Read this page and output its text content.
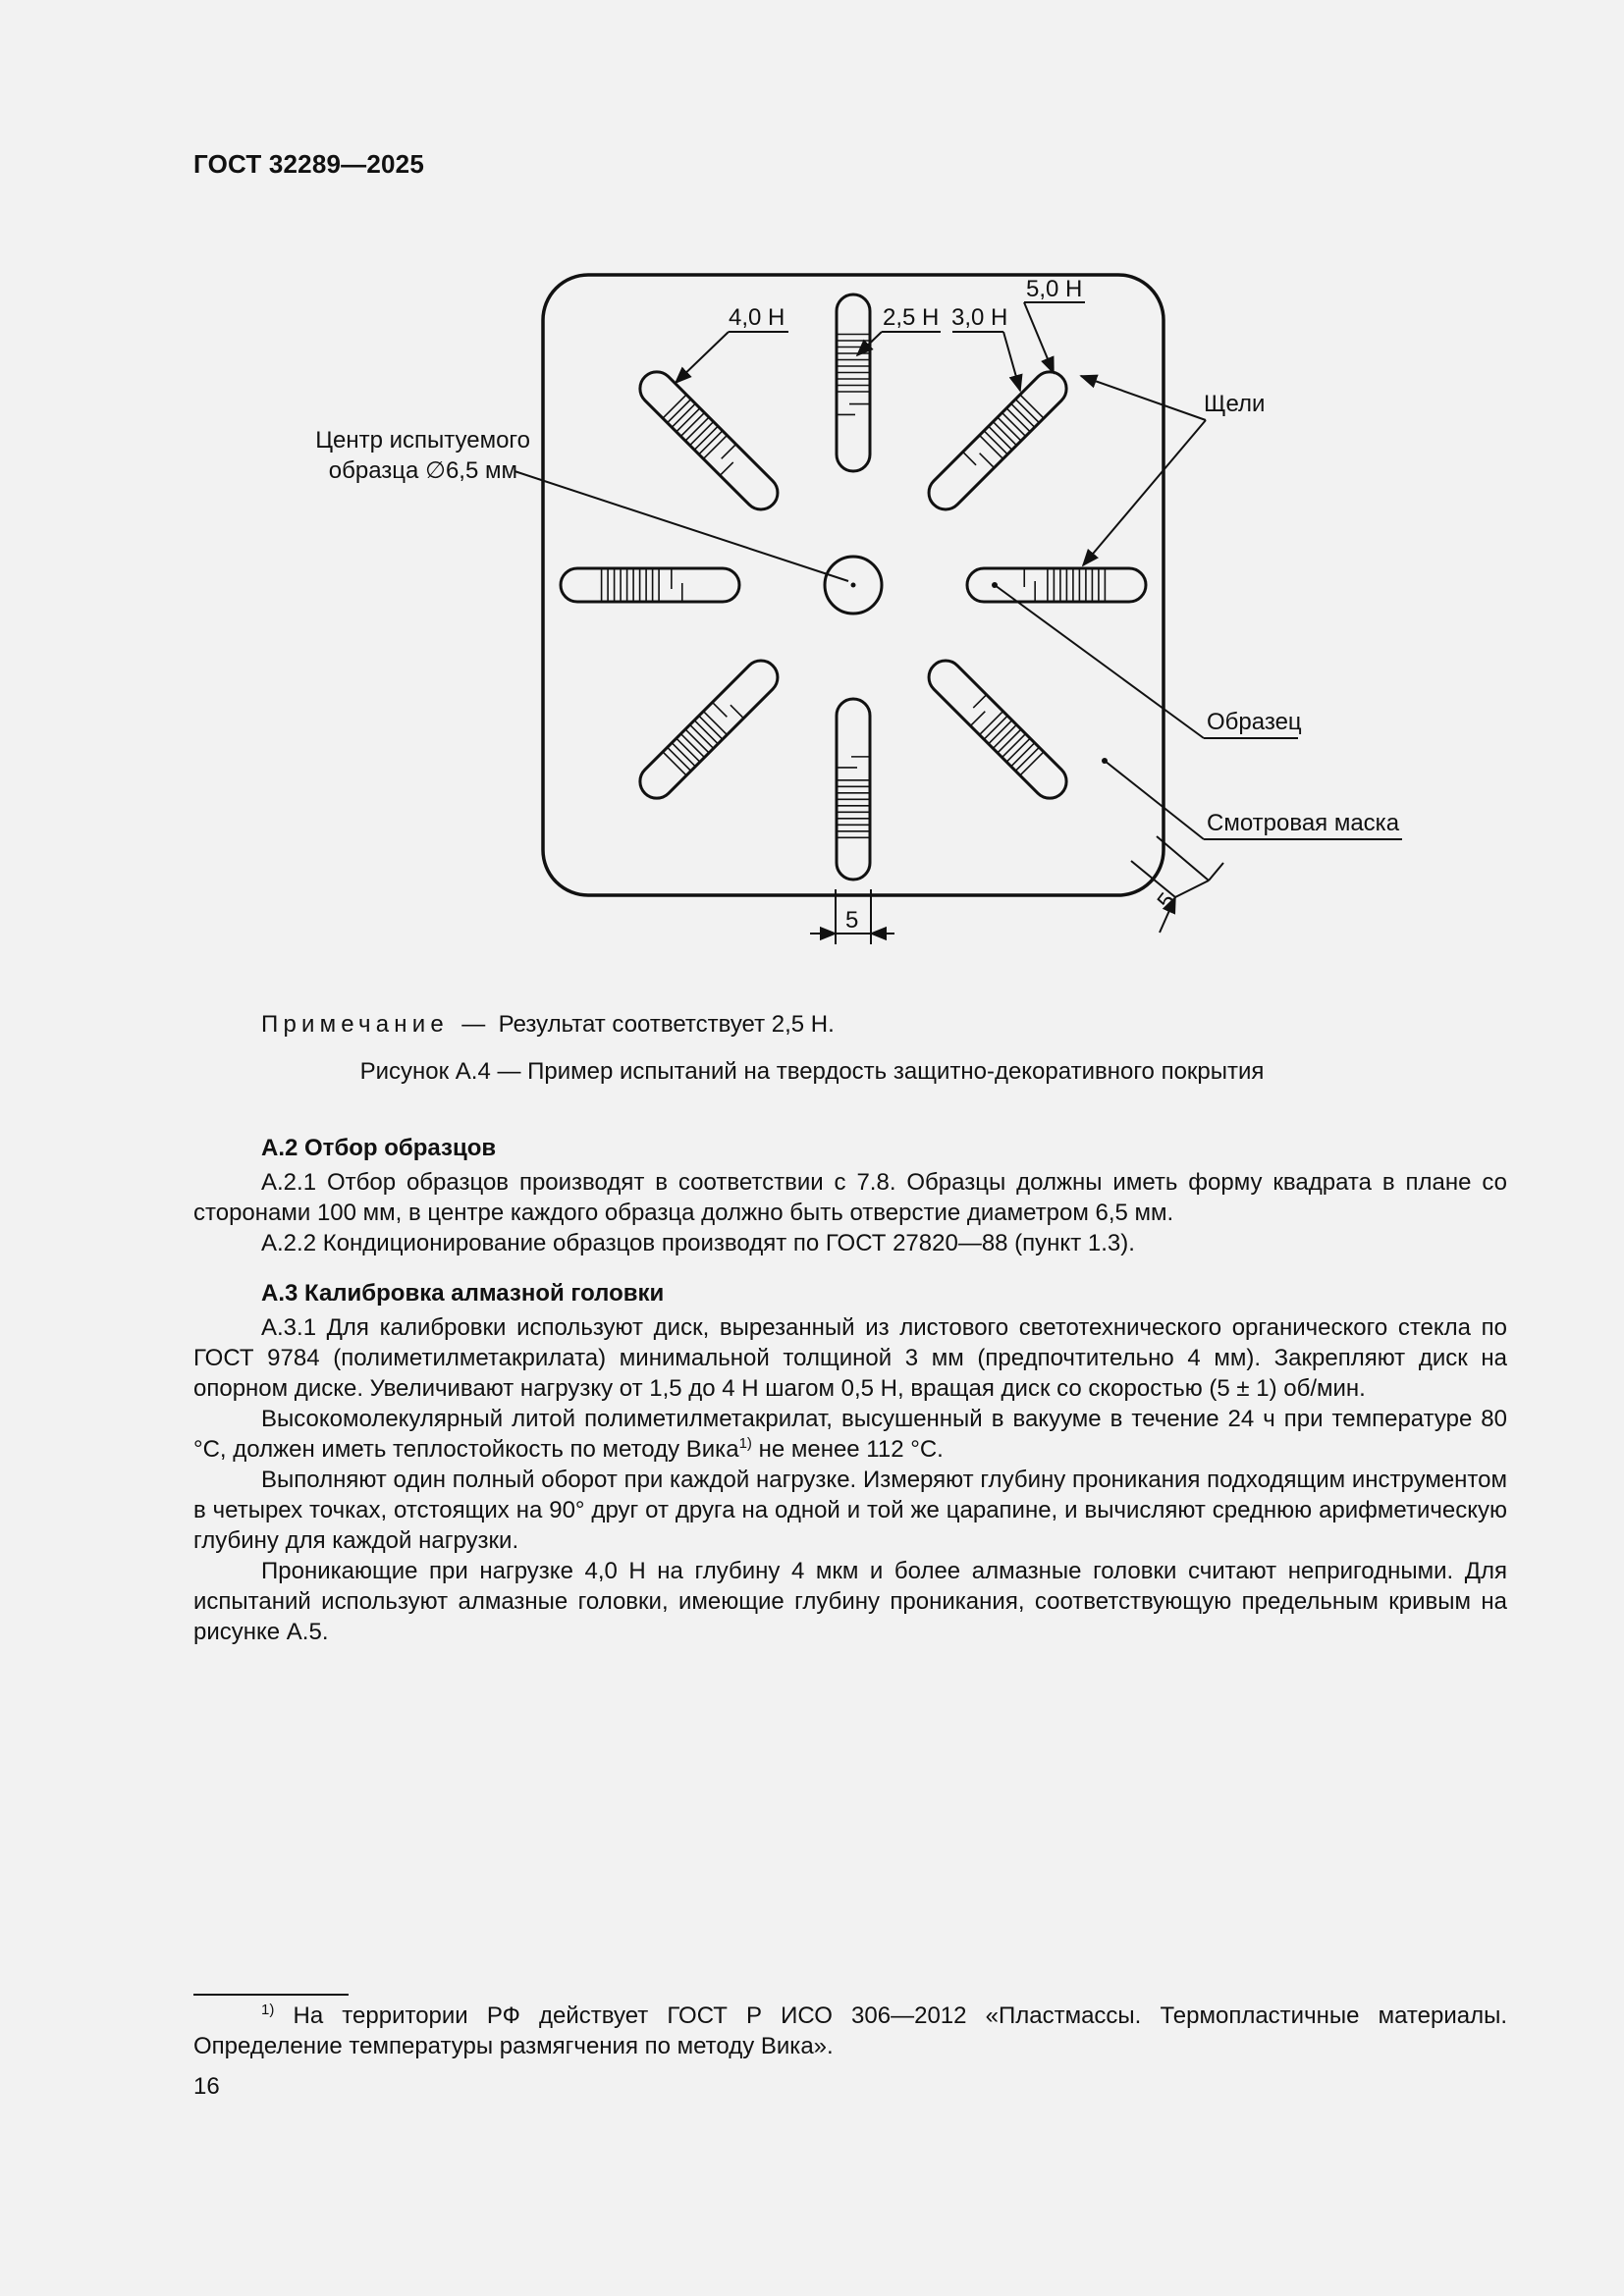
ГОСТ 32289—2025
4,0 Н	2,5 Н 3,0 Н
5,0 Н
Центр испытуемого
образца ∅6,5 мм
Щели
Образец
Смотровая маска
5
5
Примечание — Результат соответствует 2,5 Н.
Рисунок А.4 — Пример испытаний на твердость защитно-декоративного покрытия

А.2 Отбор образцов

А.2.1 Отбор образцов производят в соответствии с 7.8. Образцы должны иметь форму квадрата в плане со сторонами 100 мм, в центре каждого образца должно быть отверстие диаметром 6,5 мм.

А.2.2 Кондиционирование образцов производят по ГОСТ 27820—88 (пункт 1.3).

А.3 Калибровка алмазной головки

А.3.1 Для калибровки используют диск, вырезанный из листового светотехнического органического стекла по ГОСТ 9784 (полиметилметакрилата) минимальной толщиной 3 мм (предпочтительно 4 мм). Закрепляют диск на опорном диске. Увеличивают нагрузку от 1,5 до 4 Н шагом 0,5 Н, вращая диск со скоростью (5 ± 1) об/мин.

Высокомолекулярный литой полиметилметакрилат, высушенный в вакууме в течение 24 ч при температуре 80 °С, должен иметь теплостойкость по методу Вика$^{1)}$ не менее 112 °С.

Выполняют один полный оборот при каждой нагрузке. Измеряют глубину проникания подходящим инструментом в четырех точках, отстоящих на 90° друг от друга на одной и той же царапине, и вычисляют среднюю арифметическую глубину для каждой нагрузки.

Проникающие при нагрузке 4,0 Н на глубину 4 мкм и более алмазные головки считают непригодными. Для испытаний используют алмазные головки, имеющие глубину проникания, соответствующую предельным кривым на рисунке А.5.

$^{1)}$ На территории РФ действует ГОСТ Р ИСО 306—2012 «Пластмассы. Термопластичные материалы. Определение температуры размягчения по методу Вика».

16
